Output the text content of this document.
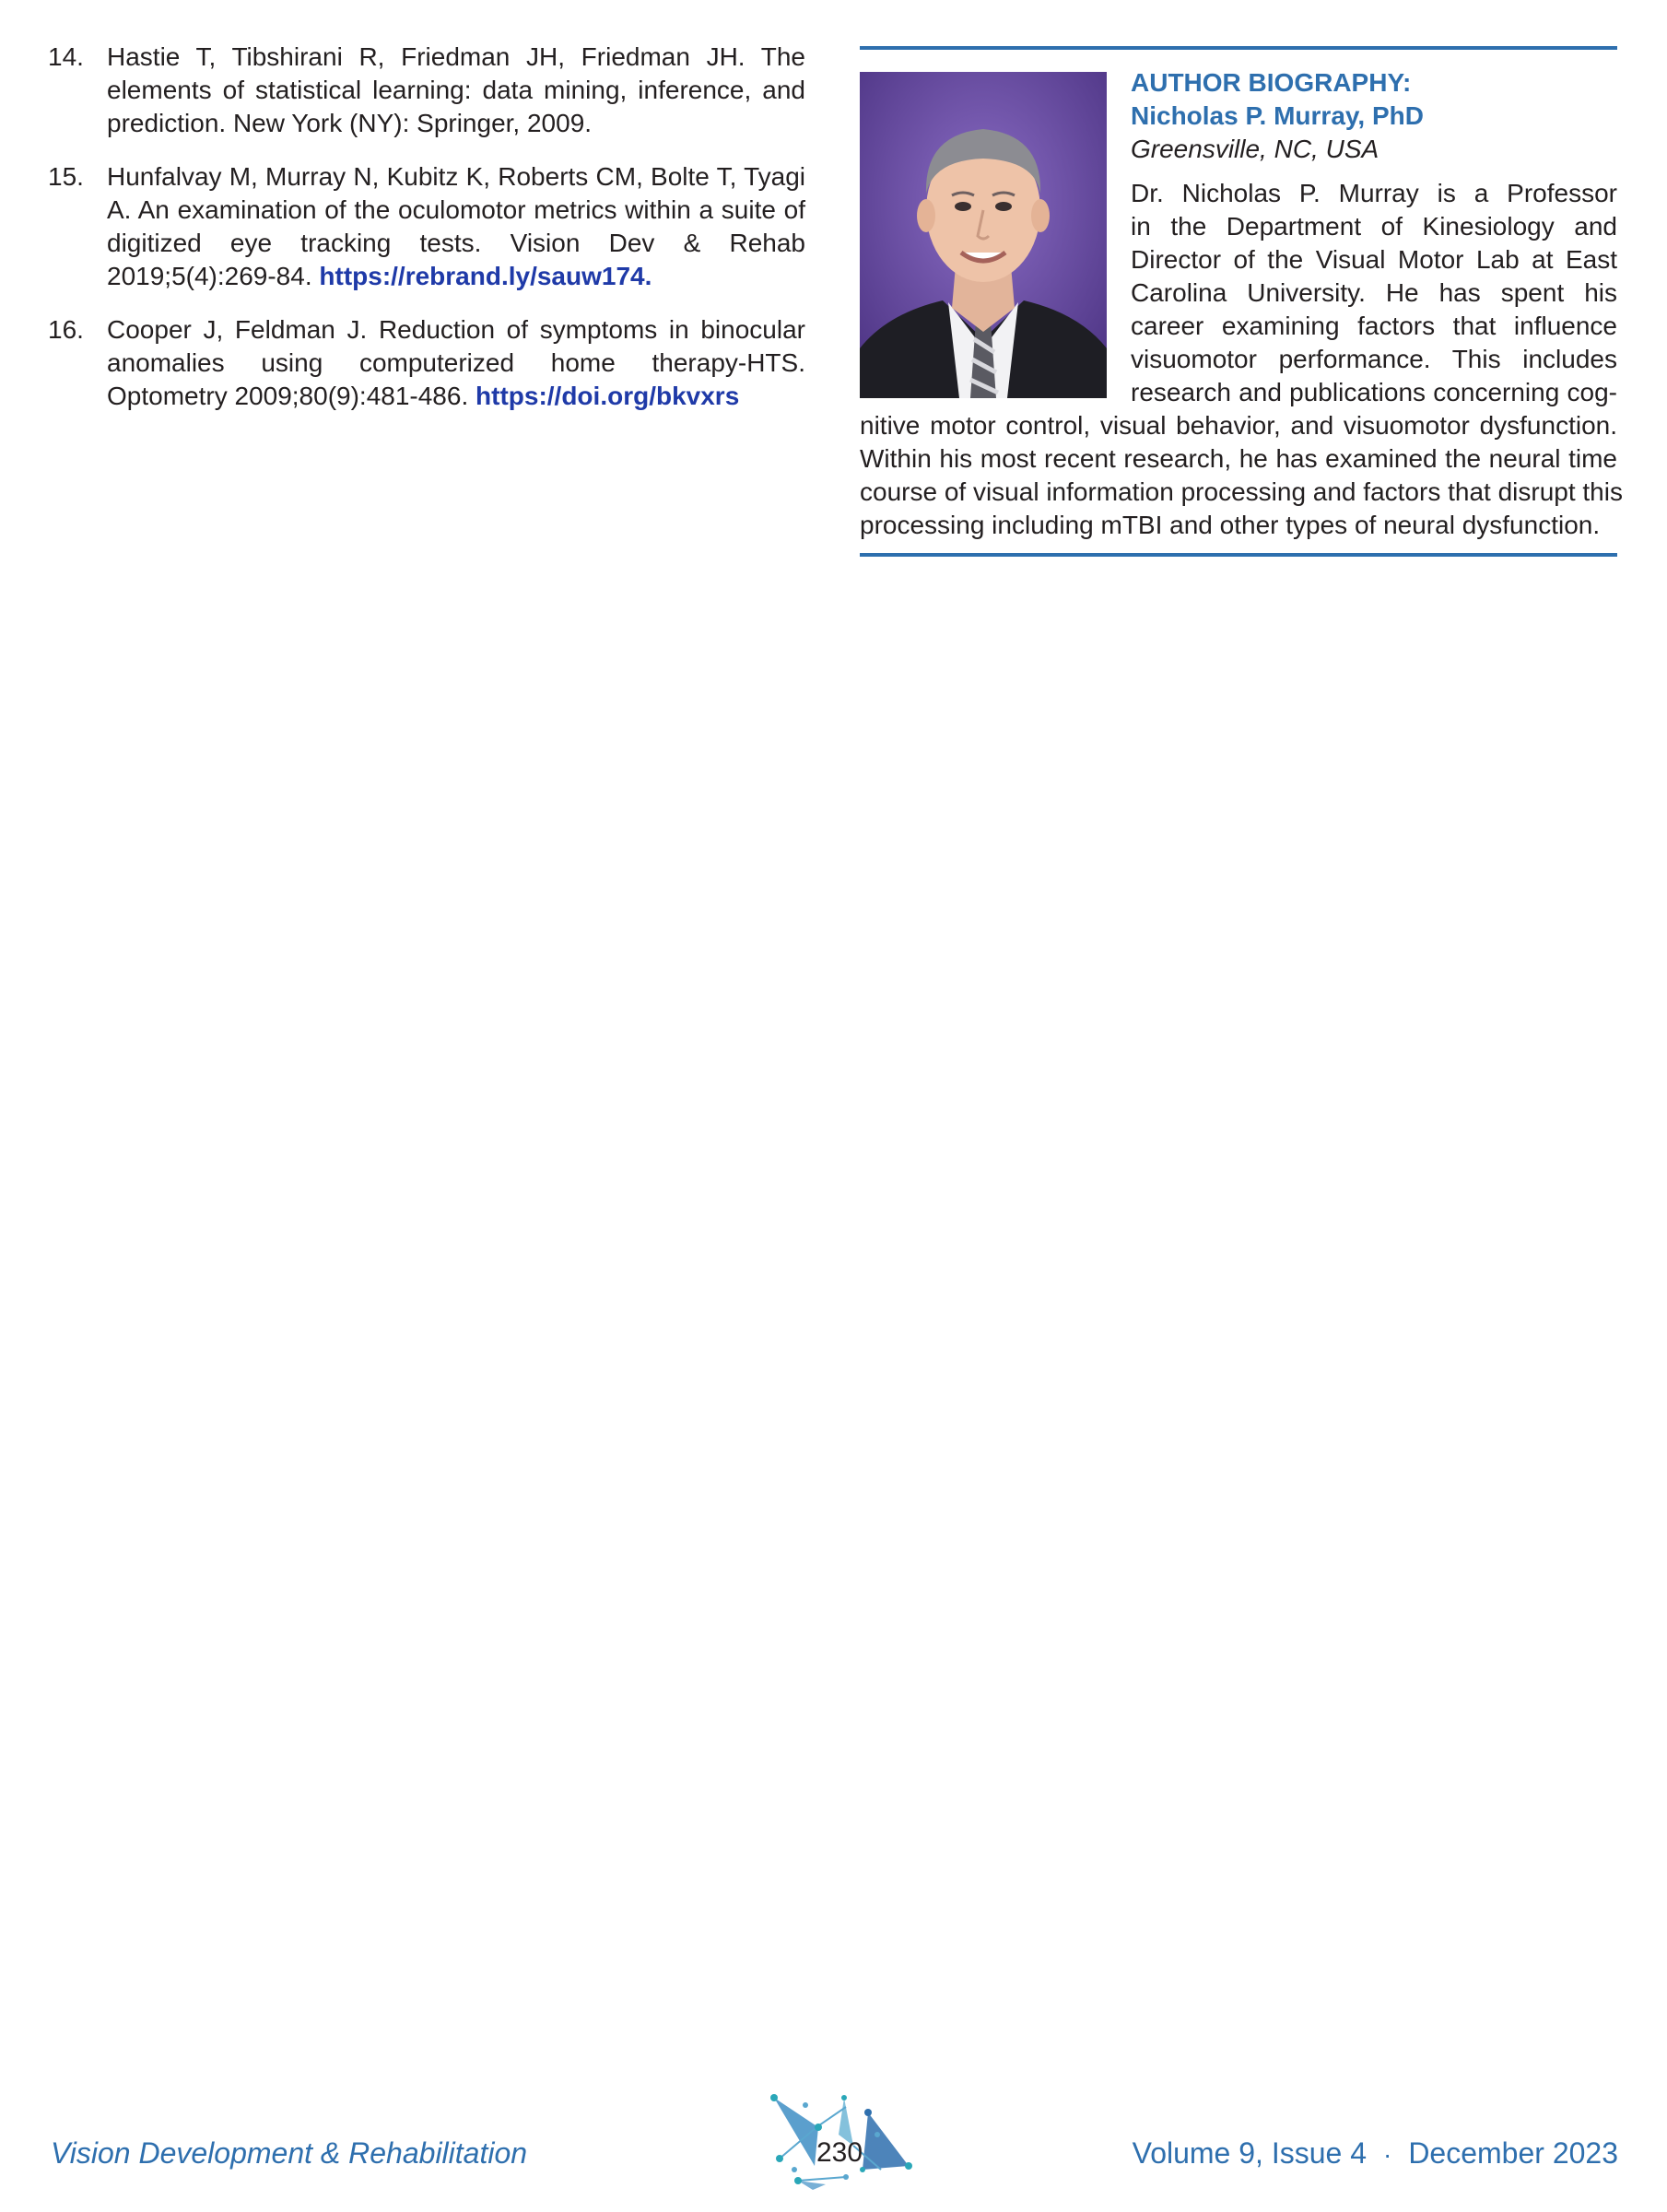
14. Hastie T, Tibshirani R, Friedman JH, Friedman JH. The elements of statistical learning: data mining, inference, and prediction. New York (NY): Springer, 2009.
15. Hunfalvay M, Murray N, Kubitz K, Roberts CM, Bolte T, Tyagi A. An examination of the oculomotor metrics within a suite of digitized eye tracking tests. Vision Dev & Rehab 2019;5(4):269-84. https://rebrand.ly/sauw174.
16. Cooper J, Feldman J. Reduction of symptoms in binocular anomalies using computerized home therapy-HTS. Optometry 2009;80(9):481-486. https://doi.org/bkvxrs
AUTHOR BIOGRAPHY:
Nicholas P. Murray, PhD

Greensville, NC, USA

Dr. Nicholas P. Murray is a Professor
in the Department of Kinesiology and
Director of the Visual Motor Lab at East
Carolina University. He has spent his
career examining factors that influence
visuomotor performance. This includes
research and publications concerning cog-
nitive motor control, visual behavior, and visuomotor dysfunction.
Within his most recent research, he has examined the neural time
course of visual information processing and factors that disrupt this
processing including mTBI and other types of neural dysfunction.
Vision Development & Rehabilitation	230	Volume 9, Issue 4 · December 2023
